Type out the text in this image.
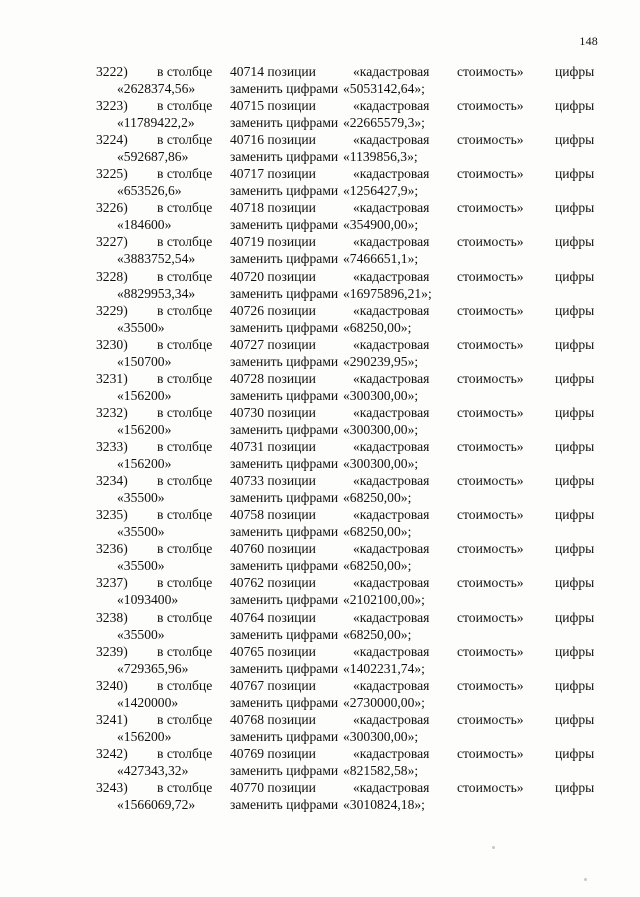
148
3222) в столбце 40714 позиции	«кадастровая стоимость» цифры
«2628374,56»	заменить цифрами «5053142,64»;
3223) в столбце 40715 позиции	«кадастровая стоимость» цифры
«11789422,2»	заменить цифрами «22665579,3»;
3224) в столбце 40716 позиции	«кадастровая стоимость» цифры
«592687,86»	заменить цифрами «1139856,3»;
3225) в столбце 40717 позиции	«кадастровая стоимость» цифры
«653526,6»	заменить цифрами «1256427,9»;
3226) в столбце 40718 позиции	«кадастровая стоимость» цифры
«184600»	заменить цифрами «354900,00»;
3227) в столбце 40719 позиции	«кадастровая стоимость» цифры
«3883752,54»	заменить цифрами «7466651,1»;
3228) в столбце 40720 позиции	«кадастровая стоимость» цифры
«8829953,34»	заменить цифрами «16975896,21»;
3229) в столбце 40726 позиции	«кадастровая стоимость» цифры
«35500»	заменить цифрами «68250,00»;
3230) в столбце 40727 позиции	«кадастровая стоимость» цифры
«150700»	заменить цифрами «290239,95»;
3231) в столбце 40728 позиции	«кадастровая стоимость» цифры
«156200»	заменить цифрами «300300,00»;
3232) в столбце 40730 позиции	«кадастровая стоимость» цифры
«156200»	заменить цифрами «300300,00»;
3233) в столбце 40731 позиции	«кадастровая стоимость» цифры
«156200»	заменить цифрами «300300,00»;
3234) в столбце 40733 позиции	«кадастровая стоимость» цифры
«35500»	заменить цифрами «68250,00»;
3235) в столбце 40758 позиции	«кадастровая стоимость» цифры
«35500»	заменить цифрами «68250,00»;
3236) в столбце 40760 позиции	«кадастровая стоимость» цифры
«35500»	заменить цифрами «68250,00»;
3237) в столбце 40762 позиции	«кадастровая стоимость» цифры
«1093400»	заменить цифрами «2102100,00»;
3238) в столбце 40764 позиции	«кадастровая стоимость» цифры
«35500»	заменить цифрами «68250,00»;
3239) в столбце 40765 позиции	«кадастровая стоимость» цифры
«729365,96»	заменить цифрами «1402231,74»;
3240) в столбце 40767 позиции	«кадастровая стоимость» цифры
«1420000»	заменить цифрами «2730000,00»;
3241) в столбце 40768 позиции	«кадастровая стоимость» цифры
«156200»	заменить цифрами «300300,00»;
3242) в столбце 40769 позиции	«кадастровая стоимость» цифры
«427343,32»	заменить цифрами «821582,58»;
3243) в столбце 40770 позиции	«кадастровая стоимость» цифры
«1566069,72»	заменить цифрами «3010824,18»;
